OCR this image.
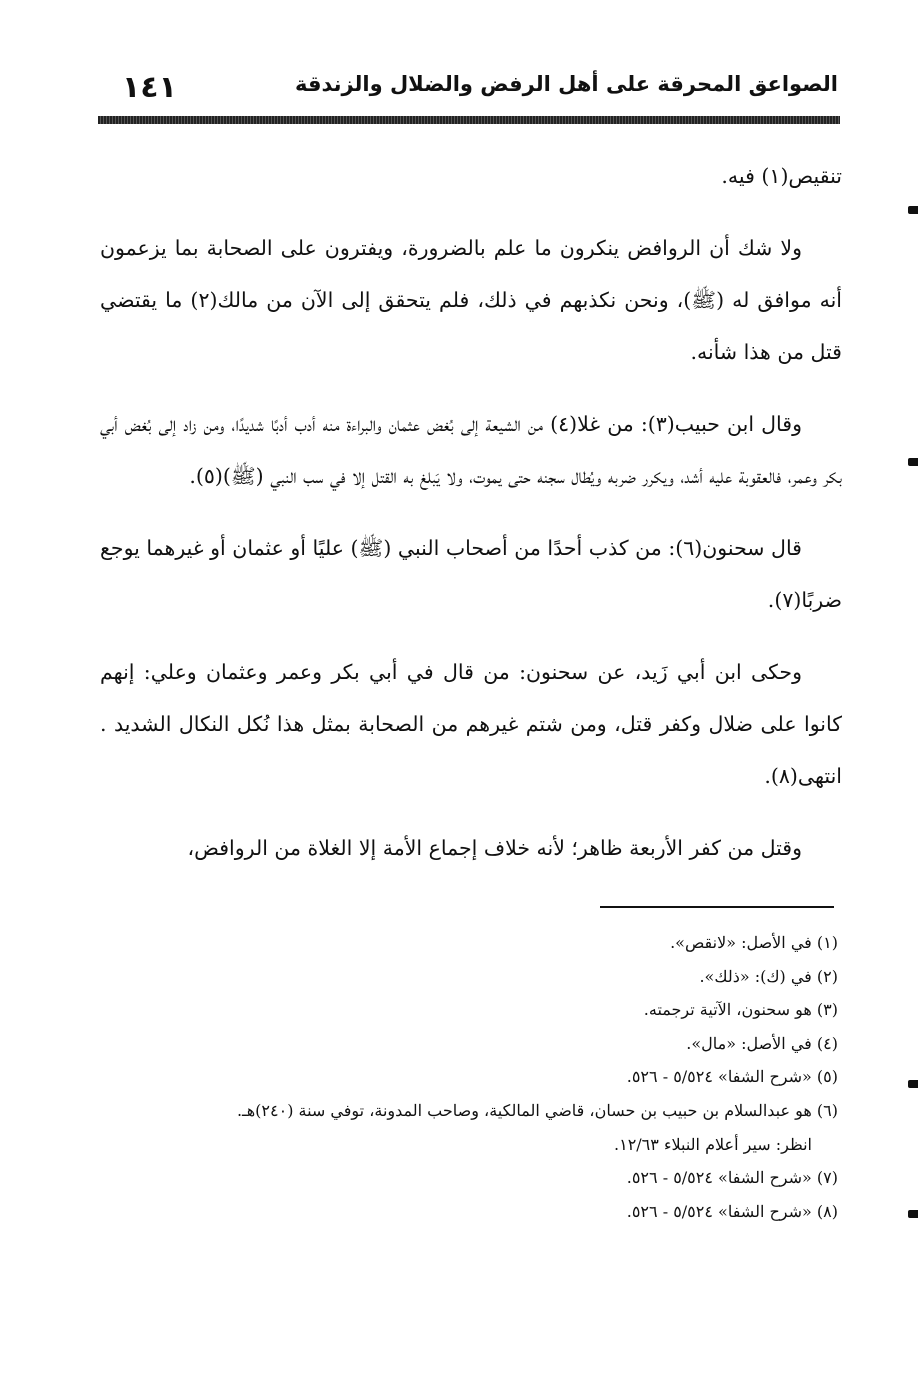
١٤١	الصواعق المحرقة على أهل الرفض والضلال والزندقة

تنقيص(١) فيه.

ولا شك أن الروافض ينكرون ما علم بالضرورة، ويفترون على الصحابة بما يزعمون أنه موافق له (ﷺ)، ونحن نكذبهم في ذلك، فلم يتحقق إلى الآن من مالك(٢) ما يقتضي قتل من هذا شأنه.

وقال ابن حبيب(٣): من غلا(٤) من الشيعة إلى بُغض عثمان والبراءة منه أدب أدبًا شديدًا، ومن زاد إلى بُغض أبي بكر وعمر، فالعقوبة عليه أشد، ويكرر ضربه ويُطال سجنه حتى يموت، ولا يَبلغ به القتل إلا في سب النبي (ﷺ)(٥).

قال سحنون(٦): من كذب أحدًا من أصحاب النبي (ﷺ) عليًا أو عثمان أو غيرهما يوجع ضربًا(٧).

وحكى ابن أبي زَيد، عن سحنون: من قال في أبي بكر وعمر وعثمان وعلي: إنهم كانوا على ضلال وكفر قتل، ومن شتم غيرهم من الصحابة بمثل هذا نُكل النكال الشديد . انتهى(٨).

وقتل من كفر الأربعة ظاهر؛ لأنه خلاف إجماع الأمة إلا الغلاة من الروافض،

(١) في الأصل: «لانقص».
(٢) في (ك): «ذلك».
(٣) هو سحنون، الآتية ترجمته.
(٤) في الأصل: «مال».
(٥) «شرح الشفا» ٥/٥٢٤ - ٥٢٦.
(٦) هو عبدالسلام بن حبيب بن حسان، قاضي المالكية، وصاحب المدونة، توفي سنة (٢٤٠)هـ.
انظر: سير أعلام النبلاء ١٢/٦٣.
(٧) «شرح الشفا» ٥/٥٢٤ - ٥٢٦.
(٨) «شرح الشفا» ٥/٥٢٤ - ٥٢٦.
